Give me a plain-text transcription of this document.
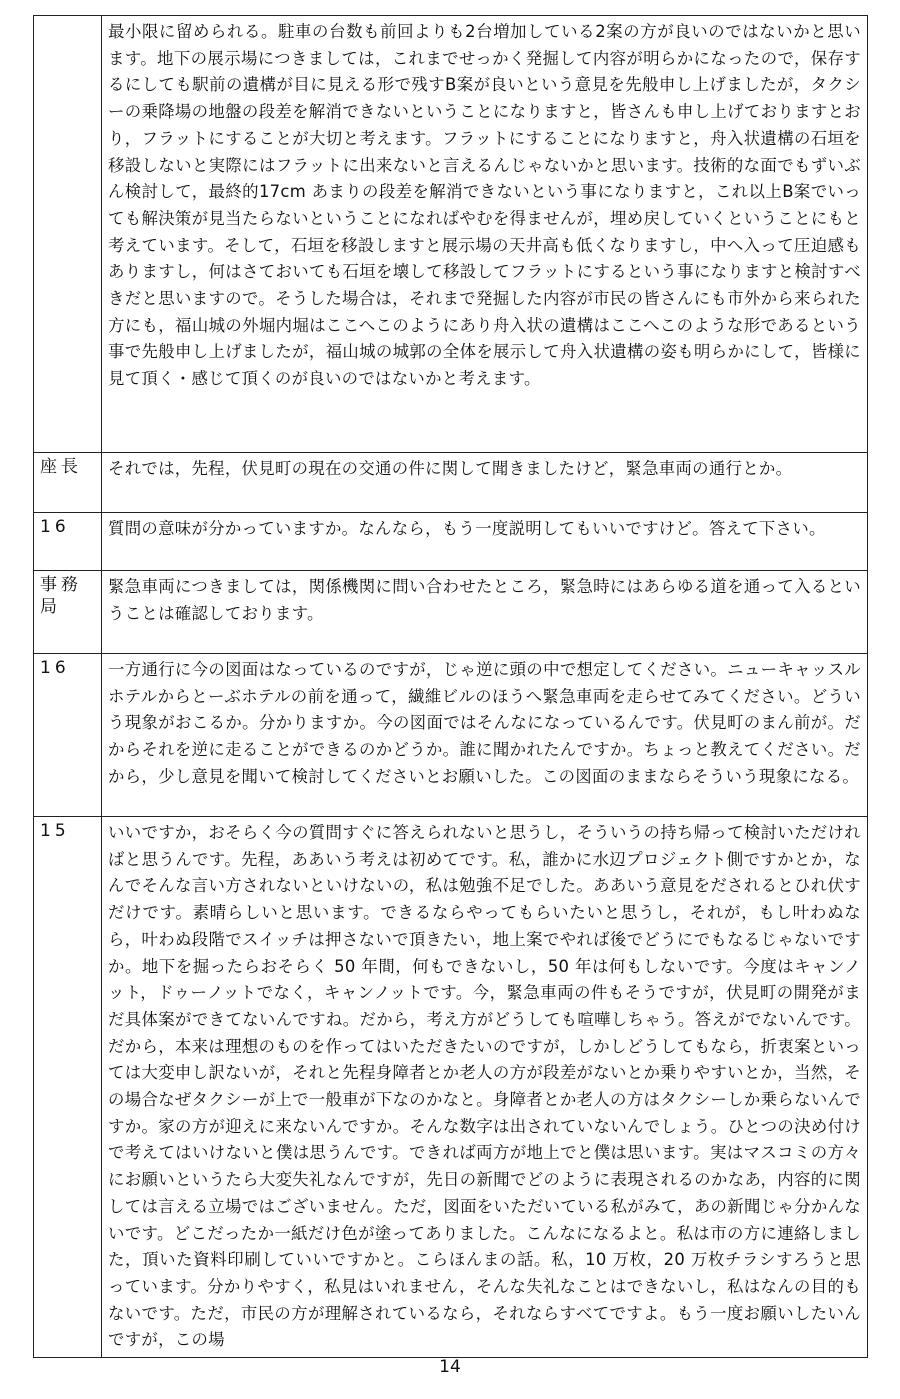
	最小限に留められる。駐車の台数も前回よりも2台増加している2案の方が良いのではないかと思います。地下の展示場につきましては，これまでせっかく発掘して内容が明らかになったので，保存するにしても駅前の遺構が目に見える形で残すB案が良いという意見を先般申し上げましたが，タクシーの乗降場の地盤の段差を解消できないということになりますと，皆さんも申し上げておりますとおり，フラットにすることが大切と考えます。フラットにすることになりますと，舟入状遺構の石垣を移設しないと実際にはフラットに出来ないと言えるんじゃないかと思います。技術的な面でもずいぶん検討して，最終的17cm あまりの段差を解消できないという事になりますと，これ以上B案でいっても解決策が見当たらないということになればやむを得ませんが，埋め戻していくということにもと考えています。そして，石垣を移設しますと展示場の天井高も低くなりますし，中へ入って圧迫感もありますし，何はさておいても石垣を壊して移設してフラットにするという事になりますと検討すべきだと思いますので。そうした場合は，それまで発掘した内容が市民の皆さんにも市外から来られた方にも，福山城の外堀内堀はここへこのようにあり舟入状の遺構はここへこのような形であるという事で先般申し上げましたが，福山城の城郭の全体を展示して舟入状遺構の姿も明らかにして，皆様に見て頂く・感じて頂くのが良いのではないかと考えます。
座長	それでは，先程，伏見町の現在の交通の件に関して聞きましたけど，緊急車両の通行とか。
16	質問の意味が分かっていますか。なんなら，もう一度説明してもいいですけど。答えて下さい。
事務局	緊急車両につきましては，関係機関に問い合わせたところ，緊急時にはあらゆる道を通って入るということは確認しております。
16	一方通行に今の図面はなっているのですが，じゃ逆に頭の中で想定してください。ニューキャッスルホテルからとーぶホテルの前を通って，繊維ビルのほうへ緊急車両を走らせてみてください。どういう現象がおこるか。分かりますか。今の図面ではそんなになっているんです。伏見町のまん前が。だからそれを逆に走ることができるのかどうか。誰に聞かれたんですか。ちょっと教えてください。だから，少し意見を聞いて検討してくださいとお願いした。この図面のままならそういう現象になる。
15	いいですか，おそらく今の質問すぐに答えられないと思うし，そういうの持ち帰って検討いただければと思うんです。先程，ああいう考えは初めてです。私，誰かに水辺プロジェクト側ですかとか，なんでそんな言い方されないといけないの，私は勉強不足でした。ああいう意見をだされるとひれ伏すだけです。素晴らしいと思います。できるならやってもらいたいと思うし，それが，もし叶わぬなら，叶わぬ段階でスイッチは押さないで頂きたい，地上案でやれば後でどうにでもなるじゃないですか。地下を掘ったらおそらく 50 年間，何もできないし，50 年は何もしないです。今度はキャンノット，ドゥーノットでなく，キャンノットです。今，緊急車両の件もそうですが，伏見町の開発がまだ具体案ができてないんですね。だから，考え方がどうしても喧嘩しちゃう。答えがでないんです。だから，本来は理想のものを作ってはいただきたいのですが，しかしどうしてもなら，折衷案といっては大変申し訳ないが，それと先程身障者とか老人の方が段差がないとか乗りやすいとか，当然，その場合なぜタクシーが上で一般車が下なのかなと。身障者とか老人の方はタクシーしか乗らないんですか。家の方が迎えに来ないんですか。そんな数字は出されていないんでしょう。ひとつの決め付けで考えてはいけないと僕は思うんです。できれば両方が地上でと僕は思います。実はマスコミの方々にお願いというたら大変失礼なんですが，先日の新聞でどのように表現されるのかなあ，内容的に関しては言える立場ではございません。ただ，図面をいただいている私がみて，あの新聞じゃ分かんないです。どこだったか一紙だけ色が塗ってありました。こんなになるよと。私は市の方に連絡しました，頂いた資料印刷していいですかと。こらほんまの話。私，10 万枚，20 万枚チラシすろうと思っています。分かりやすく，私見はいれません，そんな失礼なことはできないし，私はなんの目的もないです。ただ，市民の方が理解されているなら，それならすべてですよ。もう一度お願いしたいんですが，この場
14
